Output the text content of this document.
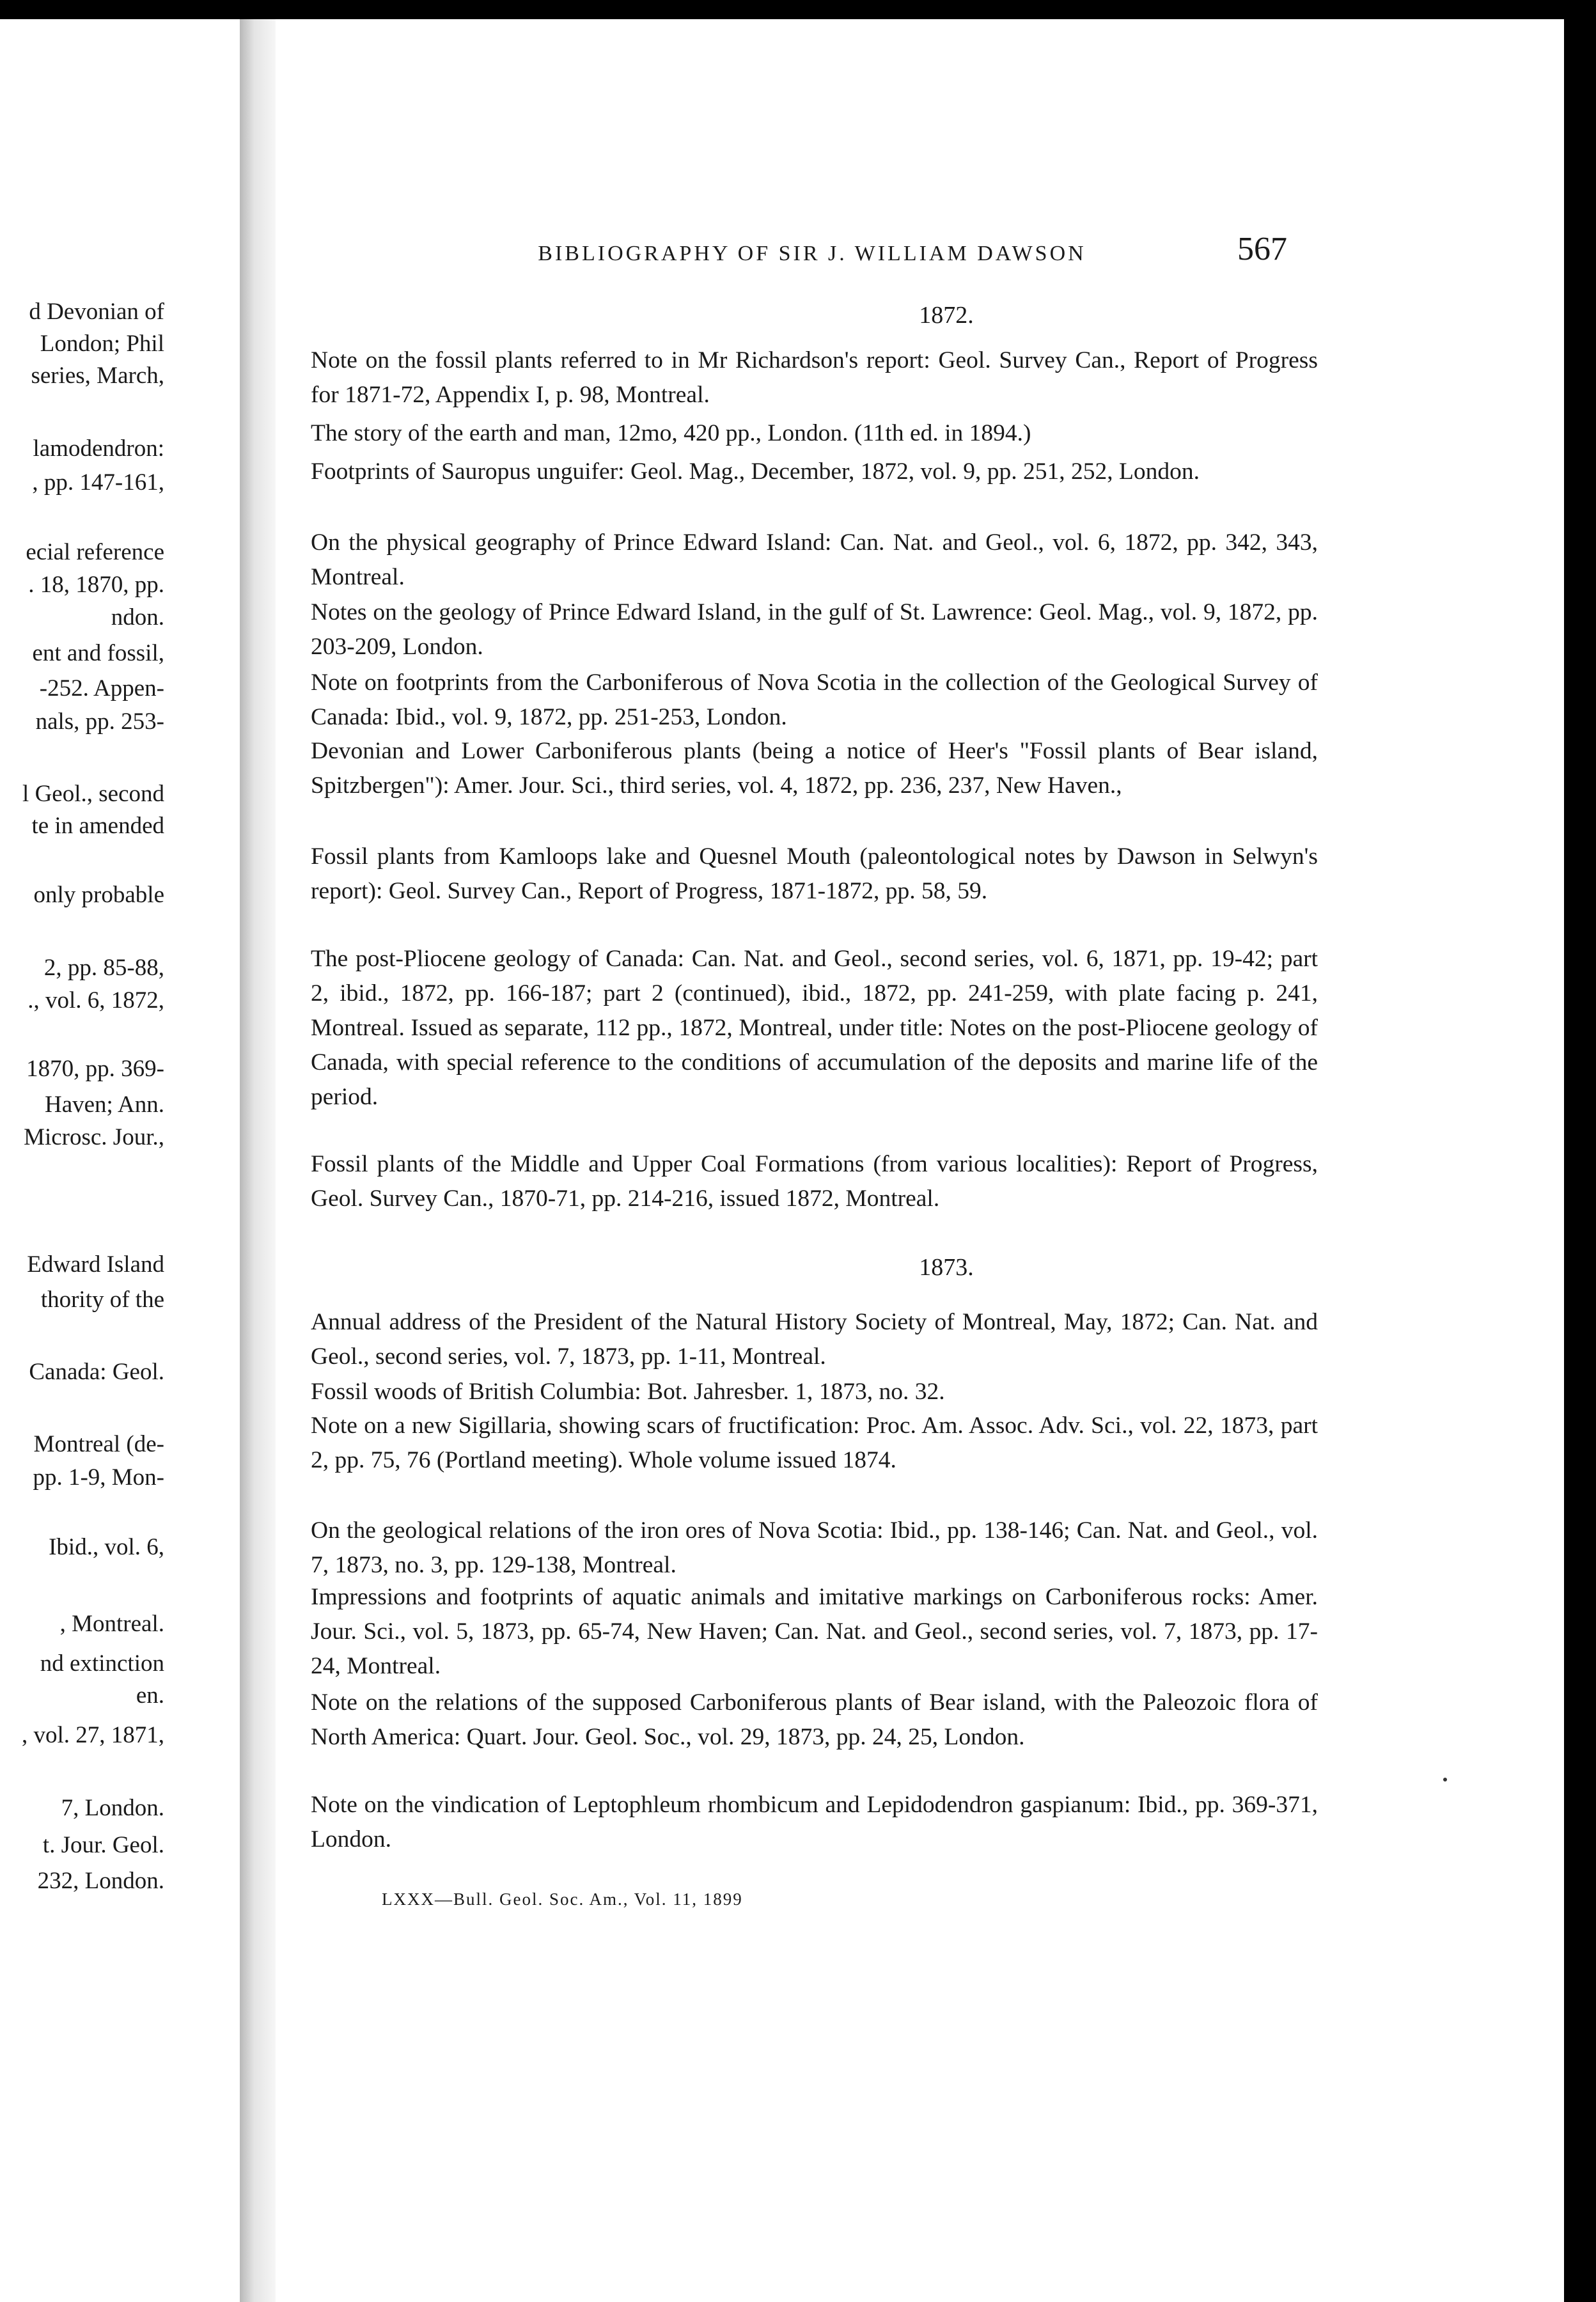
d Devonian of
London; Phil
series, March,
lamodendron:
, pp. 147-161,
ecial reference
. 18, 1870, pp.
ndon.
ent and fossil,
-252. Appen-
nals, pp. 253-
l Geol., second
te in amended
only probable
2, pp. 85-88,
., vol. 6, 1872,
1870, pp. 369-
Haven; Ann.
Microsc. Jour.,
Edward Island
thority of the
Canada: Geol.
Montreal (de-
pp. 1-9, Mon-
Ibid., vol. 6,
, Montreal.
nd extinction
en.
, vol. 27, 1871,
7, London.
t. Jour. Geol.
232, London.
BIBLIOGRAPHY OF SIR J. WILLIAM DAWSON	567
1872.
1873.
Note on the fossil plants referred to in Mr Richardson's report: Geol. Survey Can., Report of Progress for 1871-72, Appendix I, p. 98, Montreal.
The story of the earth and man, 12mo, 420 pp., London. (11th ed. in 1894.)
Footprints of Sauropus unguifer: Geol. Mag., December, 1872, vol. 9, pp. 251, 252, London.
On the physical geography of Prince Edward Island: Can. Nat. and Geol., vol. 6, 1872, pp. 342, 343, Montreal.
Notes on the geology of Prince Edward Island, in the gulf of St. Lawrence: Geol. Mag., vol. 9, 1872, pp. 203-209, London.
Note on footprints from the Carboniferous of Nova Scotia in the collection of the Geological Survey of Canada: Ibid., vol. 9, 1872, pp. 251-253, London.
Devonian and Lower Carboniferous plants (being a notice of Heer's "Fossil plants of Bear island, Spitzbergen"): Amer. Jour. Sci., third series, vol. 4, 1872, pp. 236, 237, New Haven.,
Fossil plants from Kamloops lake and Quesnel Mouth (paleontological notes by Dawson in Selwyn's report): Geol. Survey Can., Report of Progress, 1871-1872, pp. 58, 59.
The post-Pliocene geology of Canada: Can. Nat. and Geol., second series, vol. 6, 1871, pp. 19-42; part 2, ibid., 1872, pp. 166-187; part 2 (continued), ibid., 1872, pp. 241-259, with plate facing p. 241, Montreal. Issued as separate, 112 pp., 1872, Montreal, under title: Notes on the post-Pliocene geology of Canada, with special reference to the conditions of accumulation of the deposits and marine life of the period.
Fossil plants of the Middle and Upper Coal Formations (from various localities): Report of Progress, Geol. Survey Can., 1870-71, pp. 214-216, issued 1872, Montreal.
Annual address of the President of the Natural History Society of Montreal, May, 1872; Can. Nat. and Geol., second series, vol. 7, 1873, pp. 1-11, Montreal.
Fossil woods of British Columbia: Bot. Jahresber. 1, 1873, no. 32.
Note on a new Sigillaria, showing scars of fructification: Proc. Am. Assoc. Adv. Sci., vol. 22, 1873, part 2, pp. 75, 76 (Portland meeting). Whole volume issued 1874.
On the geological relations of the iron ores of Nova Scotia: Ibid., pp. 138-146; Can. Nat. and Geol., vol. 7, 1873, no. 3, pp. 129-138, Montreal.
Impressions and footprints of aquatic animals and imitative markings on Carboniferous rocks: Amer. Jour. Sci., vol. 5, 1873, pp. 65-74, New Haven; Can. Nat. and Geol., second series, vol. 7, 1873, pp. 17-24, Montreal.
Note on the relations of the supposed Carboniferous plants of Bear island, with the Paleozoic flora of North America: Quart. Jour. Geol. Soc., vol. 29, 1873, pp. 24, 25, London.
Note on the vindication of Leptophleum rhombicum and Lepidodendron gaspianum: Ibid., pp. 369-371, London.
LXXX—Bull. Geol. Soc. Am., Vol. 11, 1899
